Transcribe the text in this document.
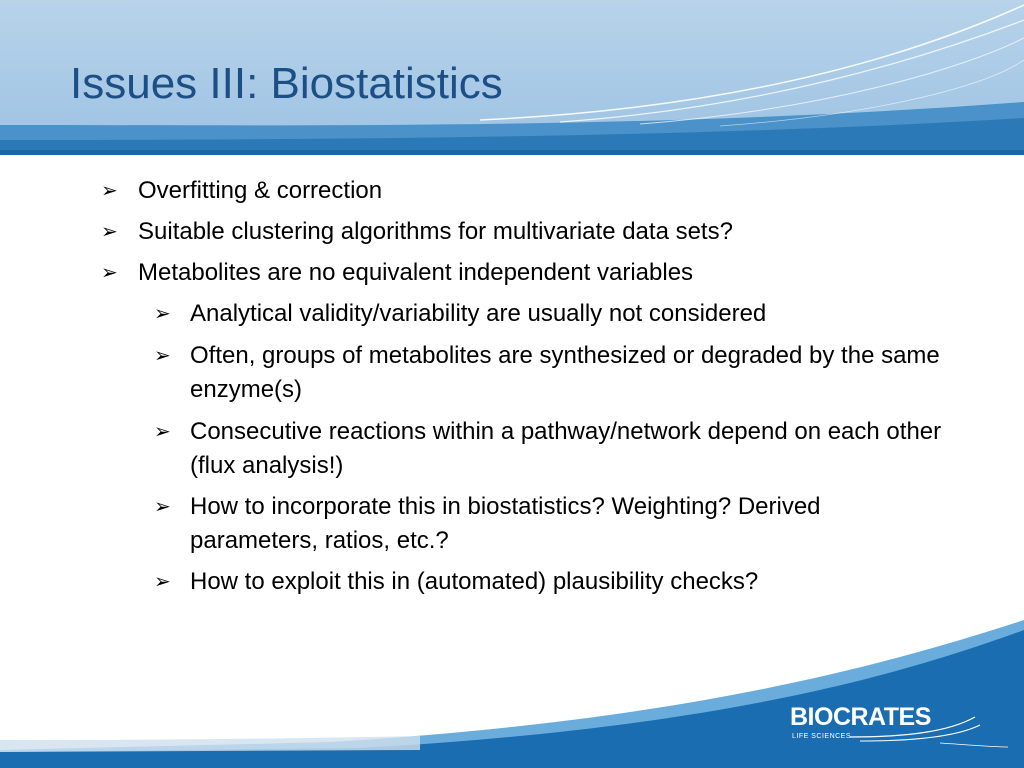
Issues III: Biostatistics
➢ Overfitting & correction
➢ Suitable clustering algorithms for multivariate data sets?
➢ Metabolites are no equivalent independent variables
➢ Analytical validity/variability are usually not considered
➢ Often, groups of metabolites are synthesized or degraded by the same enzyme(s)
➢ Consecutive reactions within a pathway/network depend on each other (flux analysis!)
➢ How to incorporate this in biostatistics? Weighting? Derived parameters, ratios, etc.?
➢ How to exploit this in (automated) plausibility checks?
BIOCRATES
LIFE SCIENCES
